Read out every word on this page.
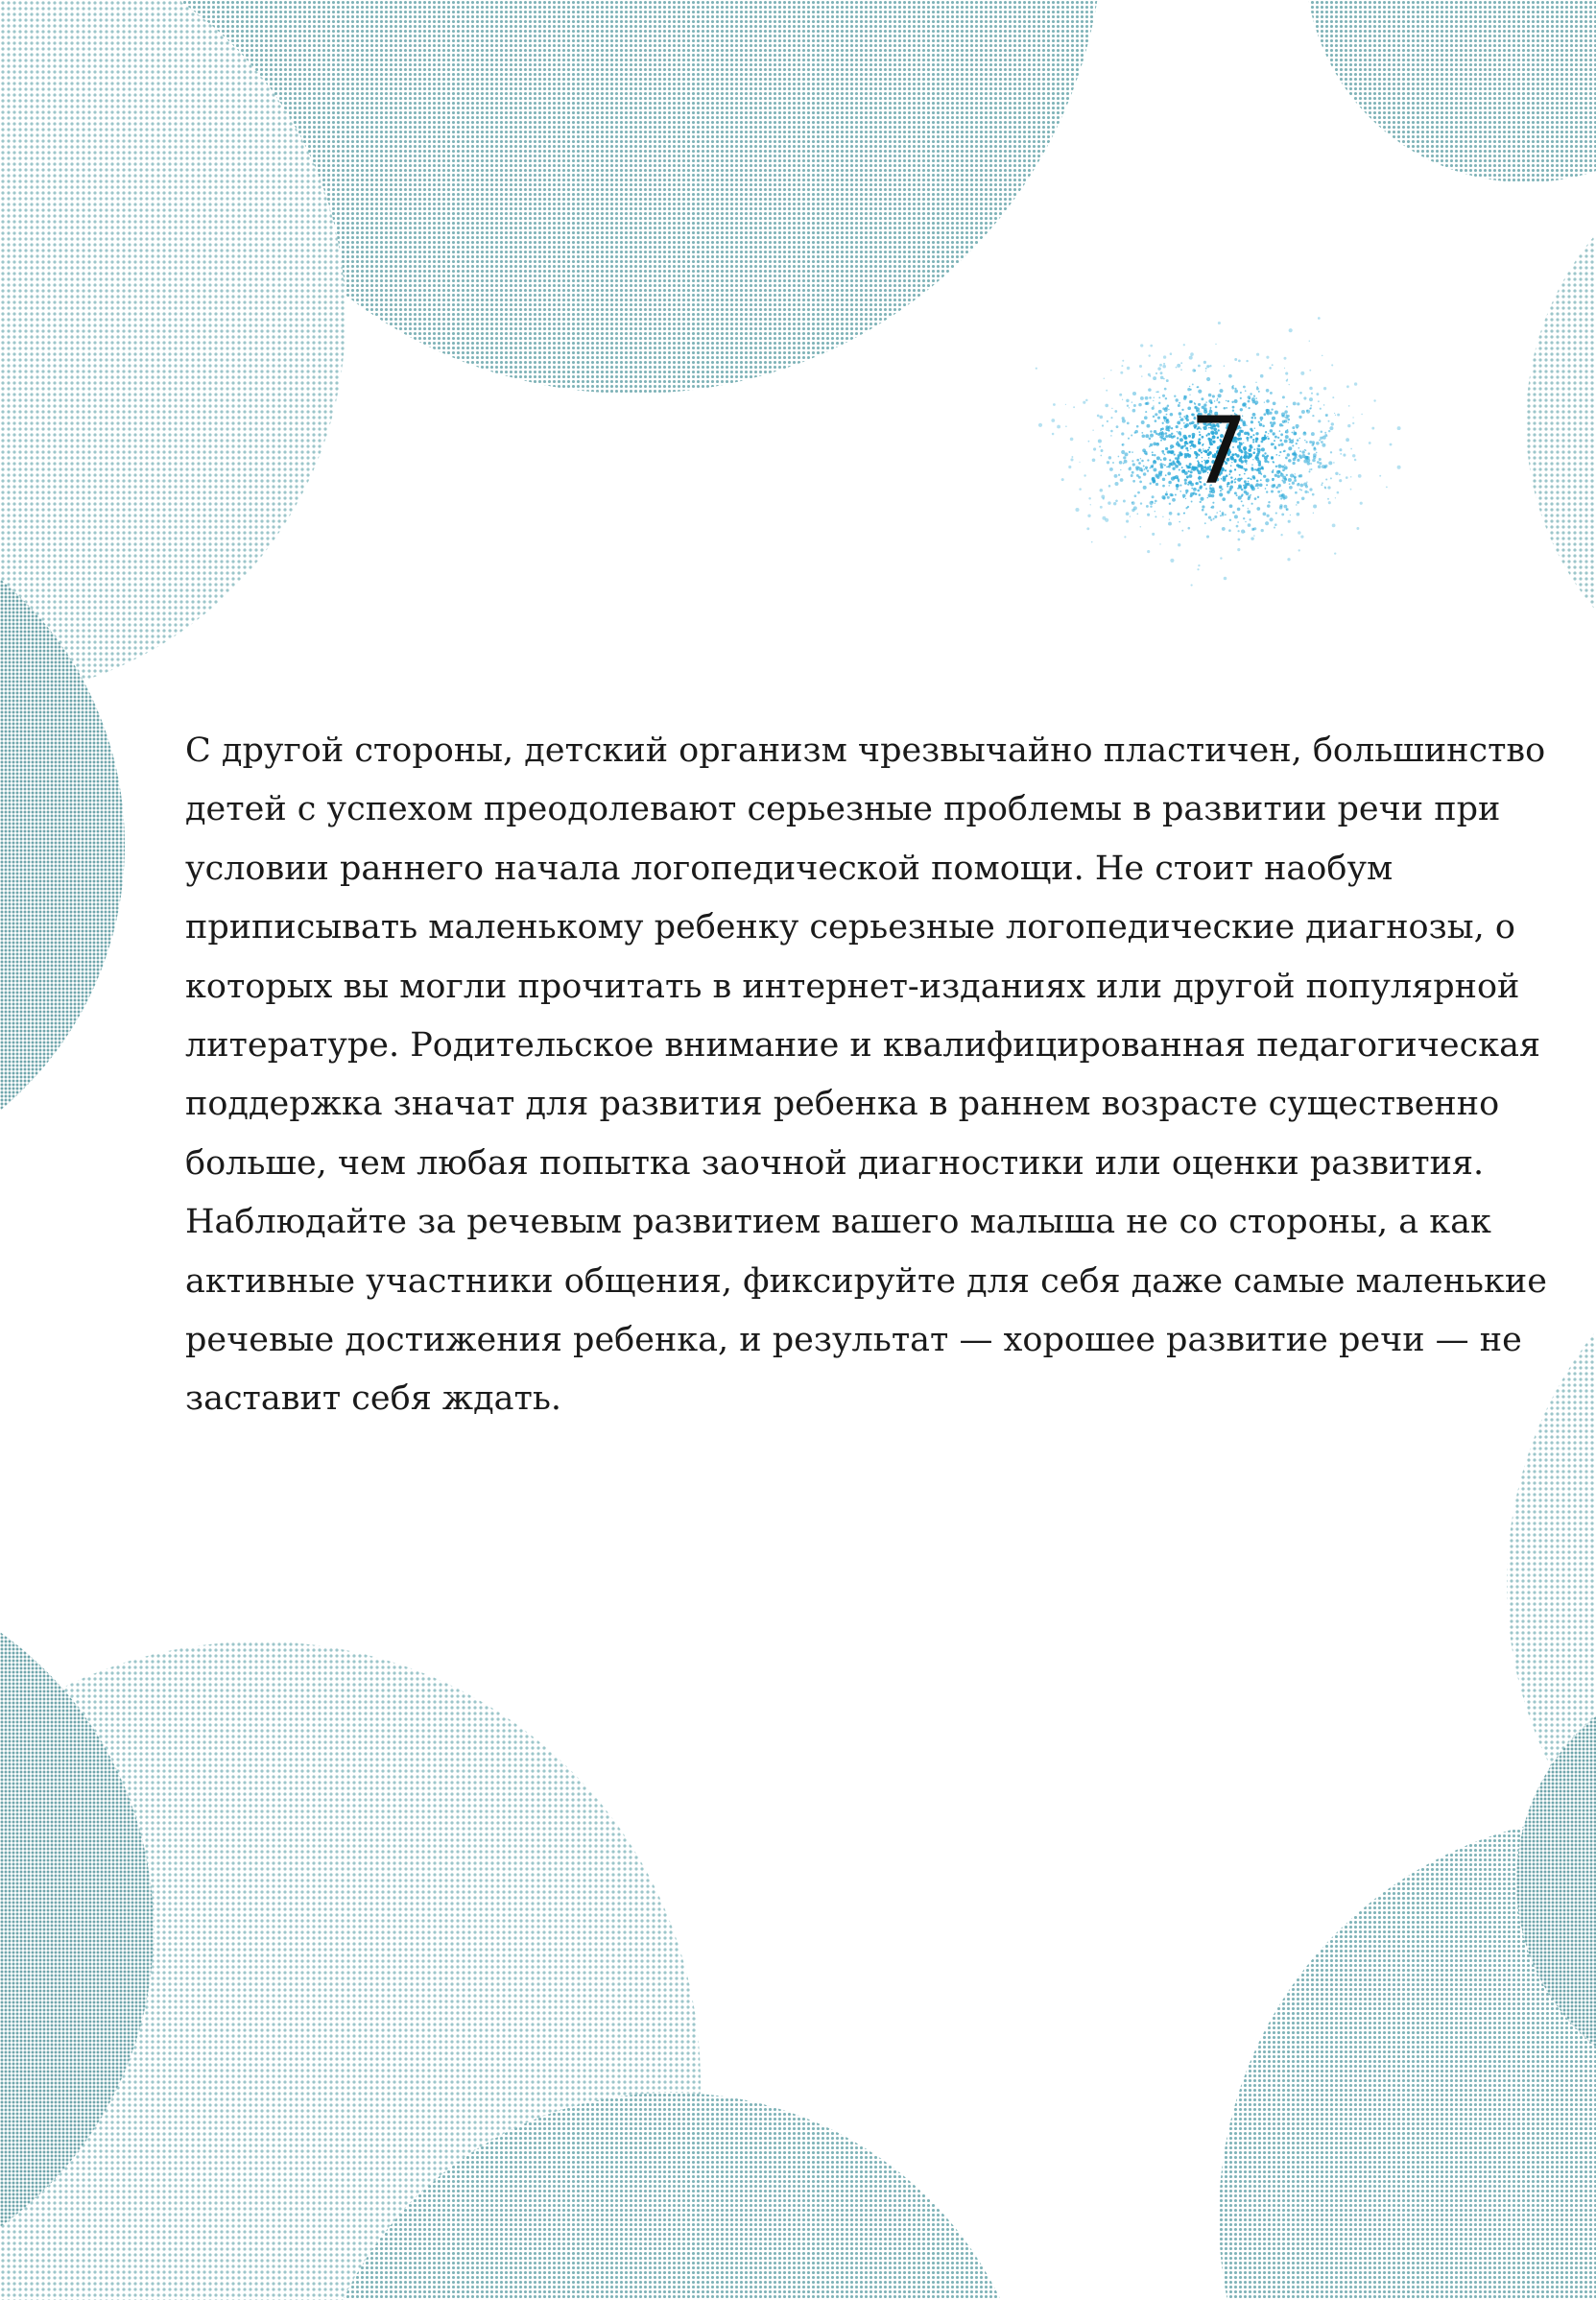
7
С другой стороны, детский организм чрезвычайно пластичен, большинство
детей с успехом преодолевают серьезные проблемы в развитии речи при
условии раннего начала логопедической помощи. Не стоит наобум
приписывать маленькому ребенку серьезные логопедические диагнозы, о
которых вы могли прочитать в интернет-изданиях или другой популярной
литературе. Родительское внимание и квалифицированная педагогическая
поддержка значат для развития ребенка в раннем возрасте существенно
больше, чем любая попытка заочной диагностики или оценки развития.
Наблюдайте за речевым развитием вашего малыша не со стороны, а как
активные участники общения, фиксируйте для себя даже самые маленькие
речевые достижения ребенка, и результат — хорошее развитие речи — не
заставит себя ждать.
